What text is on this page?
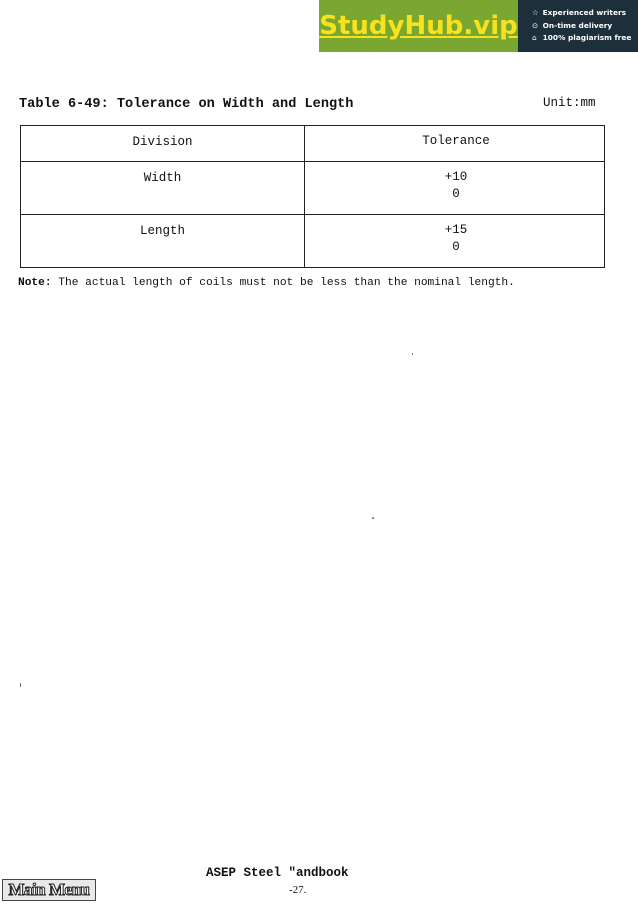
StudyHub.vip ☆ Experienced writers
⊙ On-time delivery
⌂ 100% plagiarism free
Table 6-49: Tolerance on Width and Length	Unit:mm
Division	Tolerance
Width	+10
0
Length	+15
0
Note: The actual length of coils must not be less than the nominal length.
ASEP Steel "andbook
-27.
Main Menu
